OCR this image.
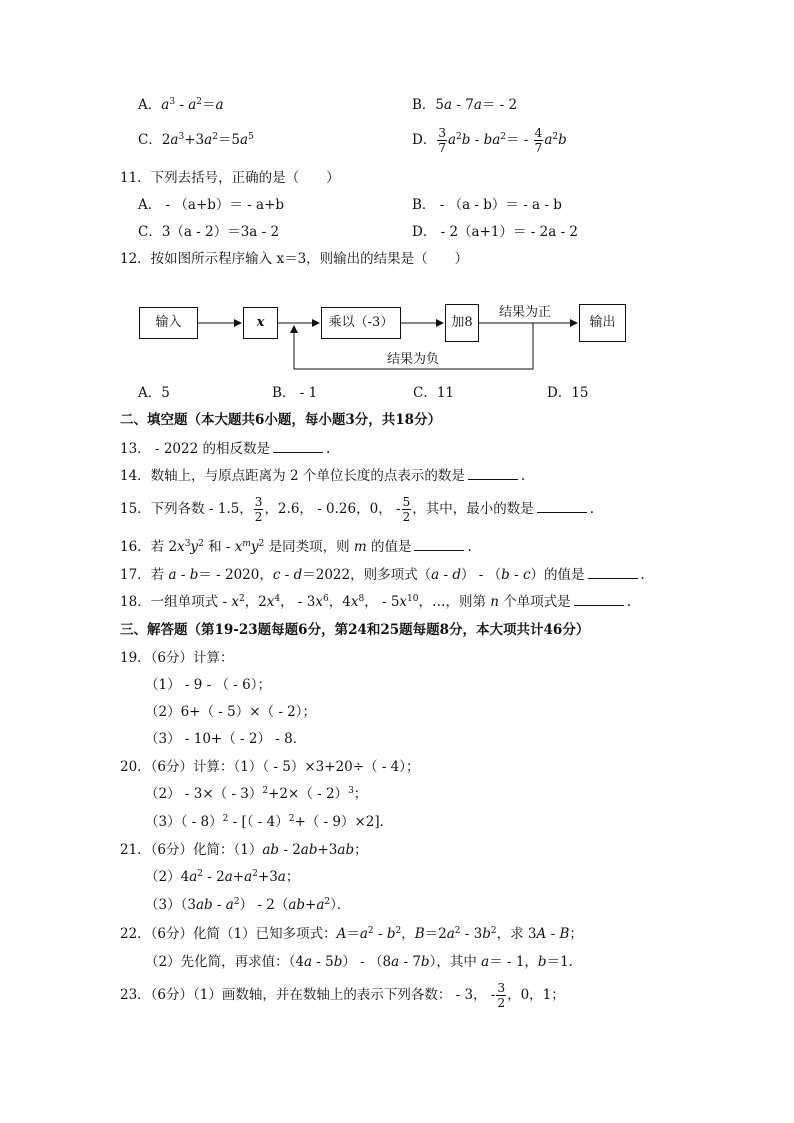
A．$a^3 - a^2=a$	B．5a - 7a＝ - 2
C．$2a^3+3a^2=5a^5$	D． $\frac{3}{7} a^2b - ba^2= - \frac{4}{7} a^2b$
11．下列去括号，正确的是（　　）
A． - （a+b）＝ - a+b	B． - （a - b）＝ - a - b
C．3（a - 2）＝3a - 2	D． - 2（a+1）＝ - 2a - 2
12．按如图所示程序输入 x＝3，则输出的结果是（　　）
输入	x	乘以（-3）	加8	输出
结果为正
结果为负
A．5	B． - 1	C．11	D．15
二、填空题（本大题共6小题，每小题3分，共18分）
13． - 2022 的相反数是	.
14．数轴上，与原点距离为 2 个单位长度的点表示的数是	.
15．下列各数 - 1.5， $\frac{3}{2}$ ，2.6， - 0.26，0， - $\frac{5}{2}$ ，其中，最小的数是	.
16．若 $2x^3y^2$ 和 - $x^my^2$ 是同类项，则 m 的值是	.
17．若 a - b＝ - 2020，c - d＝2022，则多项式（a - d） - （b - c）的值是	.
18．一组单项式 - $x^2$，$2x^4$， - $3x^6$，$4x^8$， - $5x^{10}$，…，则第 n 个单项式是	.
三、解答题（第19-23题每题6分，第24和25题每题8分，本大项共计46分）
19．（6分）计算：
（1） - 9 - （ - 6）；
（2）6+（ - 5）×（ - 2）；
（3） - 10+（ - 2） - 8．
20．（6分）计算：（1）（ - 5）×3+20÷（ - 4）；
（2） - 3×（ - 3）$^2$+2×（ - 2）$^3$；
（3）（ - 8）$^2$ - [（ - 4）$^2$+（ - 9）×2]．
21．（6分）化简：（1）ab - 2ab+3ab；
$(2)4a^2 - 2a+a^2+3a$；
$(3)(3ab - a^2) - 2(ab+a^2)$．
22．（6分）化简（1）已知多项式：$A=a^2 - b^2$，$B=2a^2 - 3b^2$，求 3A - B；
（2）先化简，再求值：（4a - 5b） - （8a - 7b），其中 a＝ - 1，b＝1．
23．（6分）（1）画数轴，并在数轴上的表示下列各数： - 3， - $\frac{3}{2}$ ，0，1；
